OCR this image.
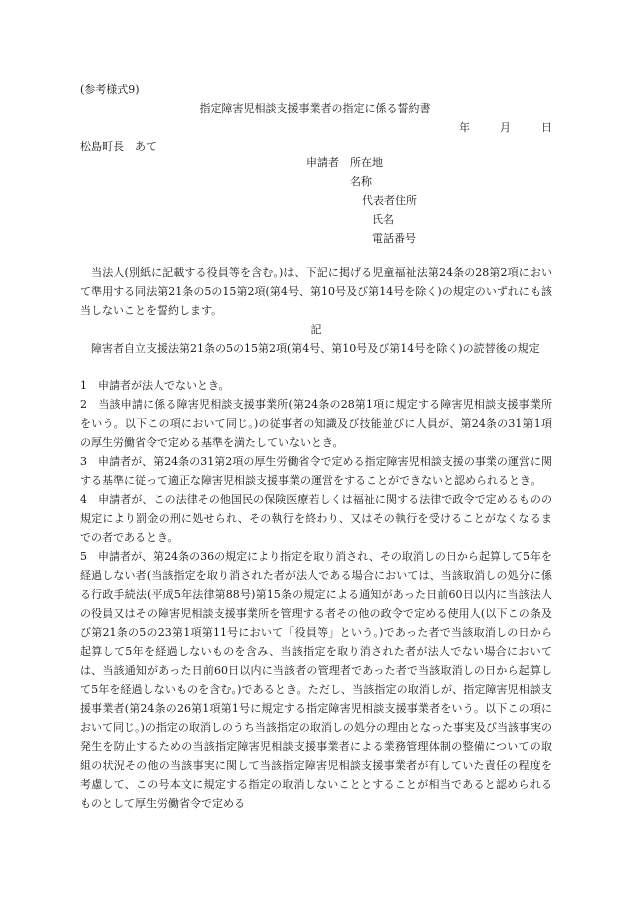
(参考様式9)
指定障害児相談支援事業者の指定に係る誓約書
年	月	日
松島町長　あて
申請者 所在地
名称
代表者住所
氏名
電話番号
　当法人(別紙に記載する役員等を含む。)は、下記に掲げる児童福祉法第24条の28第2項において準用する同法第21条の5の15第2項(第4号、第10号及び第14号を除く)の規定のいずれにも該当しないことを誓約します。
記
障害者自立支援法第21条の5の15第2項(第4号、第10号及び第14号を除く)の読替後の規定

1　申請者が法人でないとき。

2　当該申請に係る障害児相談支援事業所(第24条の28第1項に規定する障害児相談支援事業所をいう。以下この項において同じ。)の従事者の知識及び技能並びに人員が、第24条の31第1項の厚生労働省令で定める基準を満たしていないとき。

3　申請者が、第24条の31第2項の厚生労働省令で定める指定障害児相談支援の事業の運営に関する基準に従って適正な障害児相談支援事業の運営をすることができないと認められるとき。

4　申請者が、この法律その他国民の保険医療若しくは福祉に関する法律で政令で定めるものの規定により罰金の刑に処せられ、その執行を終わり、又はその執行を受けることがなくなるまでの者であるとき。

5　申請者が、第24条の36の規定により指定を取り消され、その取消しの日から起算して5年を経過しない者(当該指定を取り消された者が法人である場合においては、当該取消しの処分に係る行政手続法(平成5年法律第88号)第15条の規定による通知があった日前60日以内に当該法人の役員又はその障害児相談支援事業所を管理する者その他の政令で定める使用人(以下この条及び第21条の5の23第1項第11号において「役員等」という。)であった者で当該取消しの日から起算して5年を経過しないものを含み、当該指定を取り消された者が法人でない場合においては、当該通知があった日前60日以内に当該者の管理者であった者で当該取消しの日から起算して5年を経過しないものを含む。)であるとき。ただし、当該指定の取消しが、指定障害児相談支援事業者(第24条の26第1項第1号に規定する指定障害児相談支援事業者をいう。以下この項において同じ。)の指定の取消しのうち当該指定の取消しの処分の理由となった事実及び当該事実の発生を防止するための当該指定障害児相談支援事業者による業務管理体制の整備についての取組の状況その他の当該事実に関して当該指定障害児相談支援事業者が有していた責任の程度を考慮して、この号本文に規定する指定の取消しないこととすることが相当であると認められるものとして厚生労働省令で定める
